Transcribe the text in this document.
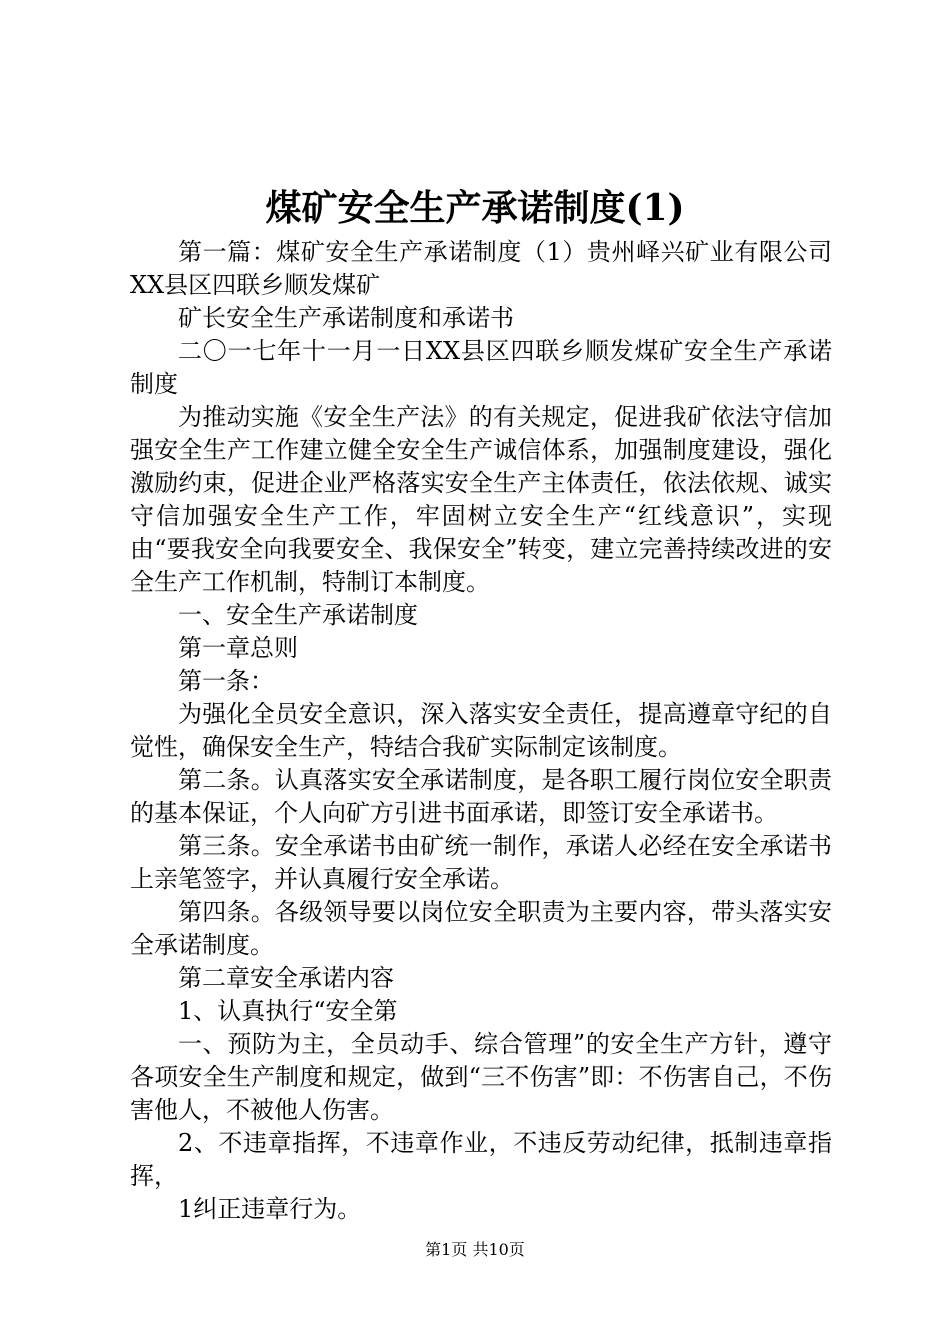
煤矿安全生产承诺制度(1)

第一篇：煤矿安全生产承诺制度（1）贵州峄兴矿业有限公司XX县区四联乡顺发煤矿

矿长安全生产承诺制度和承诺书

二〇一七年十一月一日XX县区四联乡顺发煤矿安全生产承诺制度

为推动实施《安全生产法》的有关规定，促进我矿依法守信加强安全生产工作建立健全安全生产诚信体系，加强制度建设，强化激励约束，促进企业严格落实安全生产主体责任，依法依规、诚实守信加强安全生产工作，牢固树立安全生产“红线意识”，实现由“要我安全向我要安全、我保安全”转变，建立完善持续改进的安全生产工作机制，特制订本制度。

一、安全生产承诺制度

第一章总则

第一条：

为强化全员安全意识，深入落实安全责任，提高遵章守纪的自觉性，确保安全生产，特结合我矿实际制定该制度。

第二条。认真落实安全承诺制度，是各职工履行岗位安全职责的基本保证，个人向矿方引进书面承诺，即签订安全承诺书。

第三条。安全承诺书由矿统一制作，承诺人必经在安全承诺书上亲笔签字，并认真履行安全承诺。

第四条。各级领导要以岗位安全职责为主要内容，带头落实安全承诺制度。

第二章安全承诺内容

1、认真执行“安全第

一、预防为主，全员动手、综合管理”的安全生产方针，遵守各项安全生产制度和规定，做到“三不伤害”即：不伤害自己，不伤害他人，不被他人伤害。

2、不违章指挥，不违章作业，不违反劳动纪律，抵制违章指挥，

1纠正违章行为。

第1页 共10页
